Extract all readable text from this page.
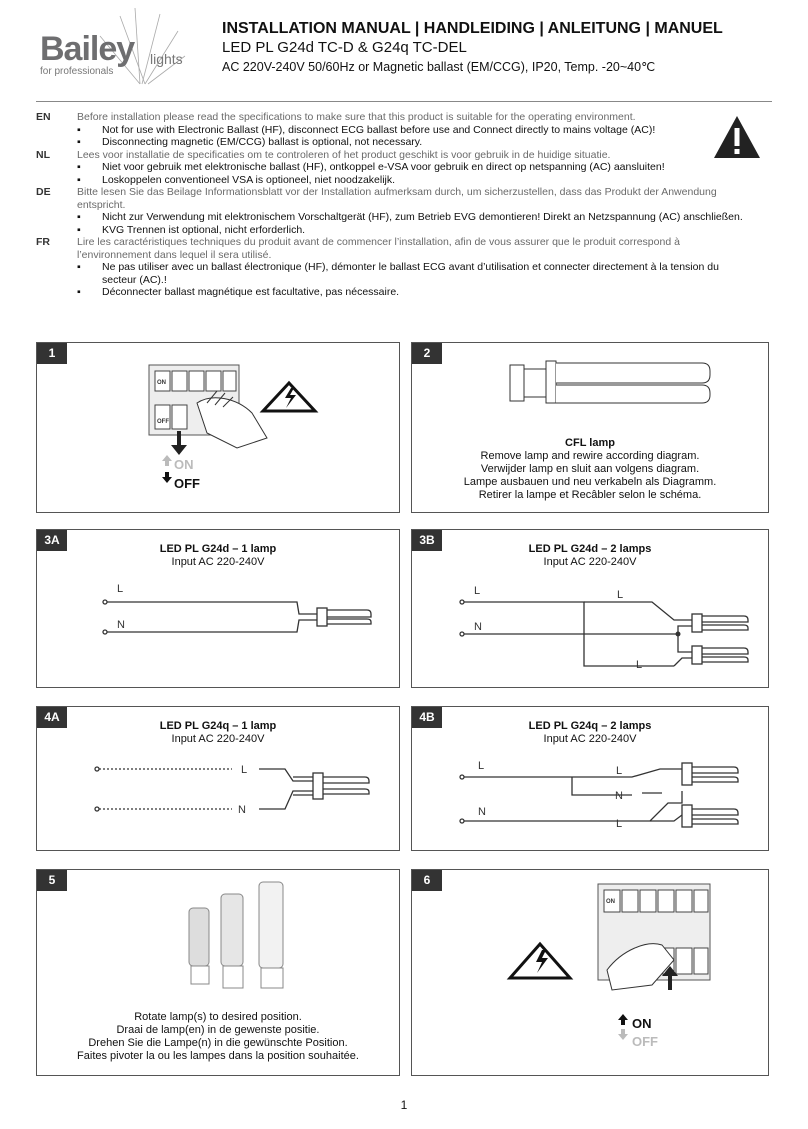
Bailey
for professionals
lights
INSTALLATION MANUAL | HANDLEIDING | ANLEITUNG | MANUEL
LED PL G24d TC-D & G24q TC-DEL
AC 220V-240V 50/60Hz or Magnetic ballast (EM/CCG), IP20, Temp. -20~40℃
EN	Before installation please read the specifications to make sure that this product is suitable for the operating environment.
▪	Not for use with Electronic Ballast (HF), disconnect ECG ballast before use and Connect directly to mains voltage (AC)!
▪	Disconnecting magnetic (EM/CCG) ballast is optional, not necessary.
NL	Lees voor installatie de specificaties om te controleren of het product geschikt is voor gebruik in de huidige situatie.
▪	Niet voor gebruik met elektronische ballast (HF), ontkoppel e-VSA voor gebruik en direct op netspanning (AC) aansluiten!
▪	Loskoppelen conventioneel VSA is optioneel, niet noodzakelijk.
DE	Bitte lesen Sie das Beilage Informationsblatt vor der Installation aufmerksam durch, um sicherzustellen, dass das Produkt der Anwendung entspricht.
▪	Nicht zur Verwendung mit elektronischem Vorschaltgerät (HF), zum Betrieb EVG demontieren! Direkt an Netzspannung (AC) anschließen.
▪	KVG Trennen ist optional, nicht erforderlich.
FR	Lire les caractéristiques techniques du produit avant de commencer l’installation, afin de vous assurer que le produit correspond à l’environnement dans lequel il sera utilisé.
▪	Ne pas utiliser avec un ballast électronique (HF), démonter le ballast ECG avant d’utilisation et connecter directement à la tension du secteur (AC).!
▪	Déconnecter ballast magnétique est facultative, pas nécessaire.
1
ON
OFF
ON
OFF
2
CFL lamp
Remove lamp and rewire according diagram.
Verwijder lamp en sluit aan volgens diagram.
Lampe ausbauen und neu verkabeln als Diagramm.
Retirer la lampe et Recâbler selon le schéma.
3A
LED PL G24d – 1 lamp
Input AC 220-240V
L
N
3B
LED PL G24d – 2 lamps
Input AC 220-240V
L
N
L
L
4A
LED PL G24q – 1 lamp
Input AC 220-240V
L
N
4B
LED PL G24q – 2 lamps
Input AC 220-240V
L
N
L
N
L
5
Rotate lamp(s) to desired position.
Draai de lamp(en) in de gewenste positie.
Drehen Sie die Lampe(n) in die gewünschte Position.
Faites pivoter la ou les lampes dans la position souhaitée.
6
ON
ON
OFF
1
